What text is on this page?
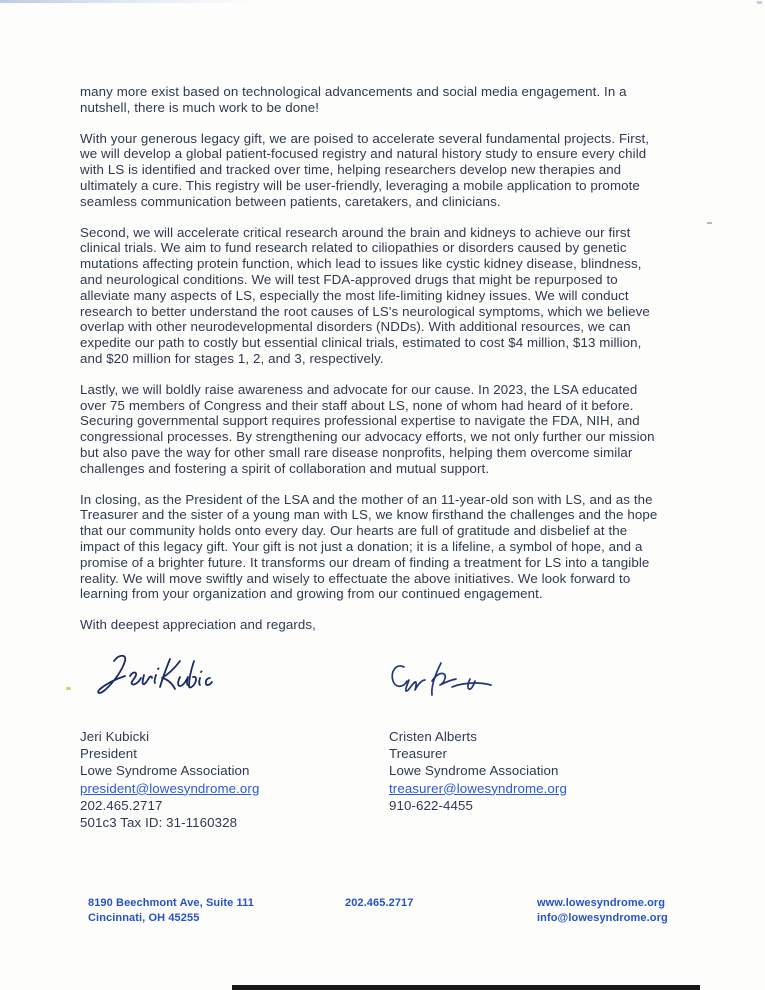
many more exist based on technological advancements and social media engagement. In a nutshell, there is much work to be done!

With your generous legacy gift, we are poised to accelerate several fundamental projects. First, we will develop a global patient-focused registry and natural history study to ensure every child with LS is identified and tracked over time, helping researchers develop new therapies and ultimately a cure. This registry will be user-friendly, leveraging a mobile application to promote seamless communication between patients, caretakers, and clinicians.

Second, we will accelerate critical research around the brain and kidneys to achieve our first clinical trials. We aim to fund research related to ciliopathies or disorders caused by genetic mutations affecting protein function, which lead to issues like cystic kidney disease, blindness, and neurological conditions. We will test FDA-approved drugs that might be repurposed to alleviate many aspects of LS, especially the most life-limiting kidney issues. We will conduct research to better understand the root causes of LS's neurological symptoms, which we believe overlap with other neurodevelopmental disorders (NDDs). With additional resources, we can expedite our path to costly but essential clinical trials, estimated to cost $4 million, $13 million, and $20 million for stages 1, 2, and 3, respectively.

Lastly, we will boldly raise awareness and advocate for our cause. In 2023, the LSA educated over 75 members of Congress and their staff about LS, none of whom had heard of it before. Securing governmental support requires professional expertise to navigate the FDA, NIH, and congressional processes. By strengthening our advocacy efforts, we not only further our mission but also pave the way for other small rare disease nonprofits, helping them overcome similar challenges and fostering a spirit of collaboration and mutual support.

In closing, as the President of the LSA and the mother of an 11-year-old son with LS, and as the Treasurer and the sister of a young man with LS, we know firsthand the challenges and the hope that our community holds onto every day. Our hearts are full of gratitude and disbelief at the impact of this legacy gift. Your gift is not just a donation; it is a lifeline, a symbol of hope, and a promise of a brighter future. It transforms our dream of finding a treatment for LS into a tangible reality. We will move swiftly and wisely to effectuate the above initiatives. We look forward to learning from your organization and growing from our continued engagement.

With deepest appreciation and regards,

Jeri Kubicki
President
Lowe Syndrome Association
president@lowesyndrome.org
202.465.2717
501c3 Tax ID: 31-1160328
Cristen Alberts
Treasurer
Lowe Syndrome Association
treasurer@lowesyndrome.org
910-622-4455
8190 Beechmont Ave, Suite 111
Cincinnati, OH 45255
202.465.2717	www.lowesyndrome.org
info@lowesyndrome.org
